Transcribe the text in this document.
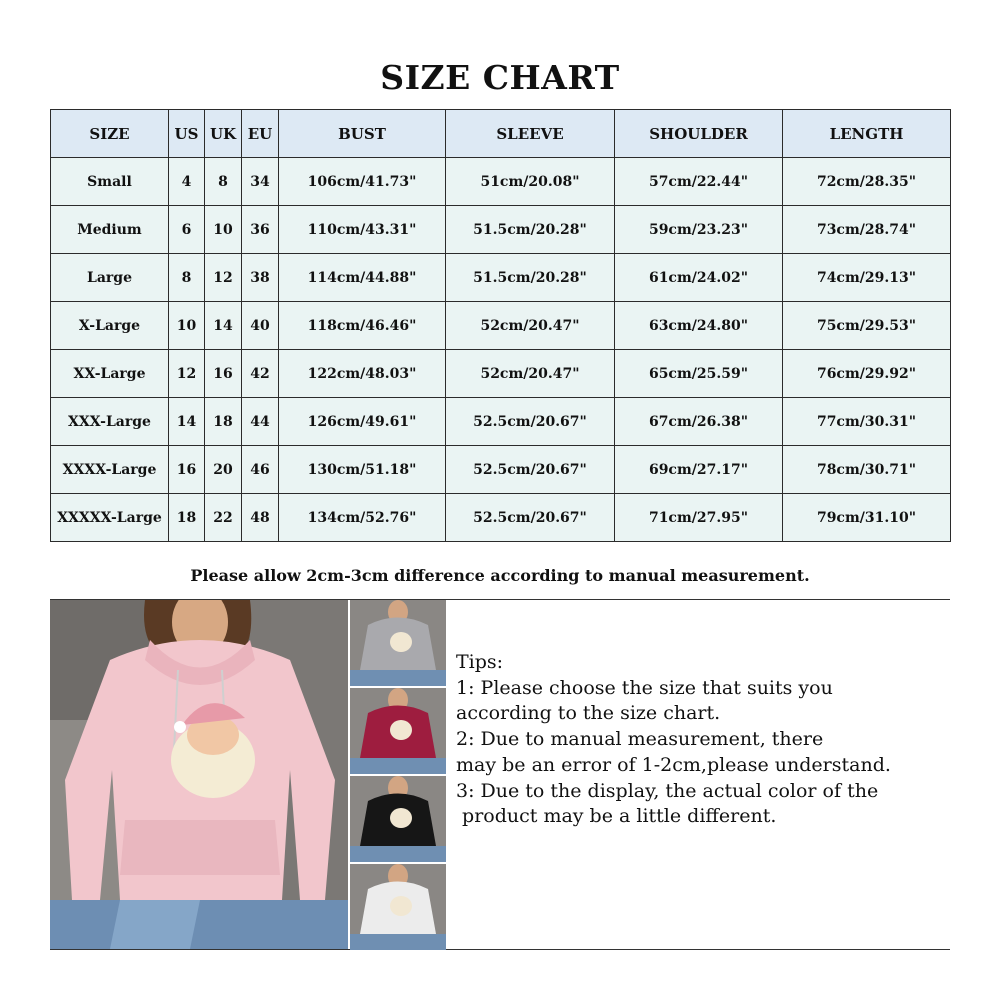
SIZE CHART
SIZE	US	UK	EU	BUST	SLEEVE	SHOULDER	LENGTH
Small	4	8	34	106cm/41.73"	51cm/20.08"	57cm/22.44"	72cm/28.35"
Medium	6	10	36	110cm/43.31"	51.5cm/20.28"	59cm/23.23"	73cm/28.74"
Large	8	12	38	114cm/44.88"	51.5cm/20.28"	61cm/24.02"	74cm/29.13"
X-Large	10	14	40	118cm/46.46"	52cm/20.47"	63cm/24.80"	75cm/29.53"
XX-Large	12	16	42	122cm/48.03"	52cm/20.47"	65cm/25.59"	76cm/29.92"
XXX-Large	14	18	44	126cm/49.61"	52.5cm/20.67"	67cm/26.38"	77cm/30.31"
XXXX-Large	16	20	46	130cm/51.18"	52.5cm/20.67"	69cm/27.17"	78cm/30.71"
XXXXX-Large	18	22	48	134cm/52.76"	52.5cm/20.67"	71cm/27.95"	79cm/31.10"
Please allow 2cm-3cm difference according to manual measurement.
Tips:
1: Please choose the size that suits you
according to the size chart.
2: Due to manual measurement, there
may be an error of 1-2cm,please understand.
3: Due to the display, the actual color of the
product may be a little different.
